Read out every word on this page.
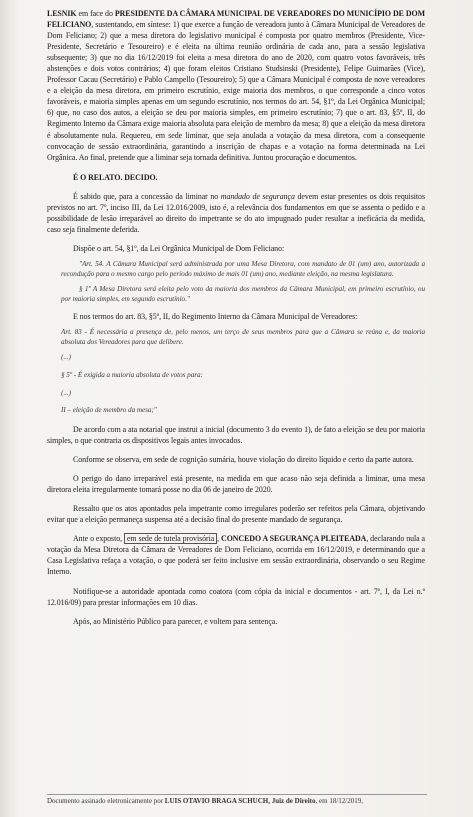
LESNIK em face do PRESIDENTE DA CÂMARA MUNICIPAL DE VEREADORES DO MUNICÍPIO DE DOM FELICIANO, sustentando, em síntese: 1) que exerce a função de vereadora junto à Câmara Municipal de Vereadores de Dom Feliciano; 2) que a mesa diretora do legislativo municipal é composta por quatro membros (Presidente, Vice-Presidente, Secretário e Tesoureiro) e é eleita na última reunião ordinária de cada ano, para a sessão legislativa subsequente; 3) que no dia 16/12/2019 foi eleita a mesa diretora do ano de 2020, com quatro votos favoráveis, três abstenções e dois votos contrários; 4) que foram eleitos Cristiano Studsinski (Presidente), Felipe Guimarães (Vice), Professor Cacau (Secretário) e Pablo Campello (Tesoureiro); 5) que a Câmara Municipal é composta de nove vereadores e a eleição da mesa diretora, em primeiro escrutínio, exige maioria dos membros, o que corresponde a cinco votos favoráveis, e maioria simples apenas em um segundo escrutínio, nos termos do art. 54, §1º, da Lei Orgânica Municipal; 6) que, no caso dos autos, a eleição se deu por maioria simples, em primeiro escrutínio; 7) que o art. 83, §5º, II, do Regimento Interno da Câmara exige maioria absoluta para eleição de membro da mesa; 8) que a eleição da mesa diretora é absolutamente nula. Requereu, em sede liminar, que seja anulada a votação da mesa diretora, com a consequente convocação de sessão extraordinária, garantindo a inscrição de chapas e a votação na forma determinada na Lei Orgânica. Ao final, pretende que a liminar seja tornada definitiva. Juntou procuração e documentos.

É O RELATO. DECIDO.

É sabido que, para a concessão da liminar no mandado de segurança devem estar presentes os dois requisitos previstos no art. 7º, inciso III, da Lei 12.016/2009, isto é, a relevância dos fundamentos em que se assenta o pedido e a possibilidade de lesão irreparável ao direito do impetrante se do ato impugnado puder resultar a ineficácia da medida, caso seja finalmente deferida.

Dispõe o art. 54, §1º, da Lei Orgânica Municipal de Dom Feliciano:

"Art. 54. A Câmara Municipal será administrada por uma Mesa Diretora, com mandato de 01 (um) ano, autorizada a recondução para o mesmo cargo pelo período máximo de mais 01 (um) ano, mediante eleição, na mesma legislatura.

§ 1º A Mesa Diretora será eleita pelo voto da maioria dos membros da Câmara Municipal, em primeiro escrutínio, ou por maioria simples, em segundo escrutínio."

E nos termos do art. 83, §5º, II, do Regimento Interno da Câmara Municipal de Vereadores:

Art. 83 - É necessária a presença de, pelo menos, um terço de seus membros para que a Câmara se reúna e, da maioria absoluta dos Vereadores para que delibere.

(...)

§ 5º - É exigida a maioria absoluta de votos para:

(...)

II – eleição de membro da mesa;"

De acordo com a ata notarial que instrui a inicial (documento 3 do evento 1), de fato a eleição se deu por maioria simples, o que contraria os dispositivos legais antes invocados.

Conforme se observa, em sede de cognição sumária, houve violação do direito líquido e certo da parte autora.

O perigo do dano irreparável está presente, na medida em que acaso não seja definida a liminar, uma mesa diretora eleita irregularmente tomará posse no dia 06 de janeiro de 2020.

Ressalto que os atos apontados pela impetrante como irregulares poderão ser refeitos pela Câmara, objetivando evitar que a eleição permaneça suspensa até a decisão final do presente mandado de segurança.

Ante o exposto, em sede de tutela provisória , CONCEDO A SEGURANÇA PLEITEADA, declarando nula a votação da Mesa Diretora da Câmara de Vereadores de Dom Feliciano, ocorrida em 16/12/2019, e determinando que a Casa Legislativa refaça a votação, o que poderá ser feito inclusive em sessão extraordinária, observando o seu Regime Interno.

Notifique-se a autoridade apontada como coatora (com cópia da inicial e documentos - art. 7º, I, da Lei n.º 12.016/09) para prestar informações em 10 dias.

Após, ao Ministério Público para parecer, e voltem para sentença.

Documento assinado eletronicamente por LUIS OTAVIO BRAGA SCHUCH, Juiz de Direito, em 18/12/2019,
